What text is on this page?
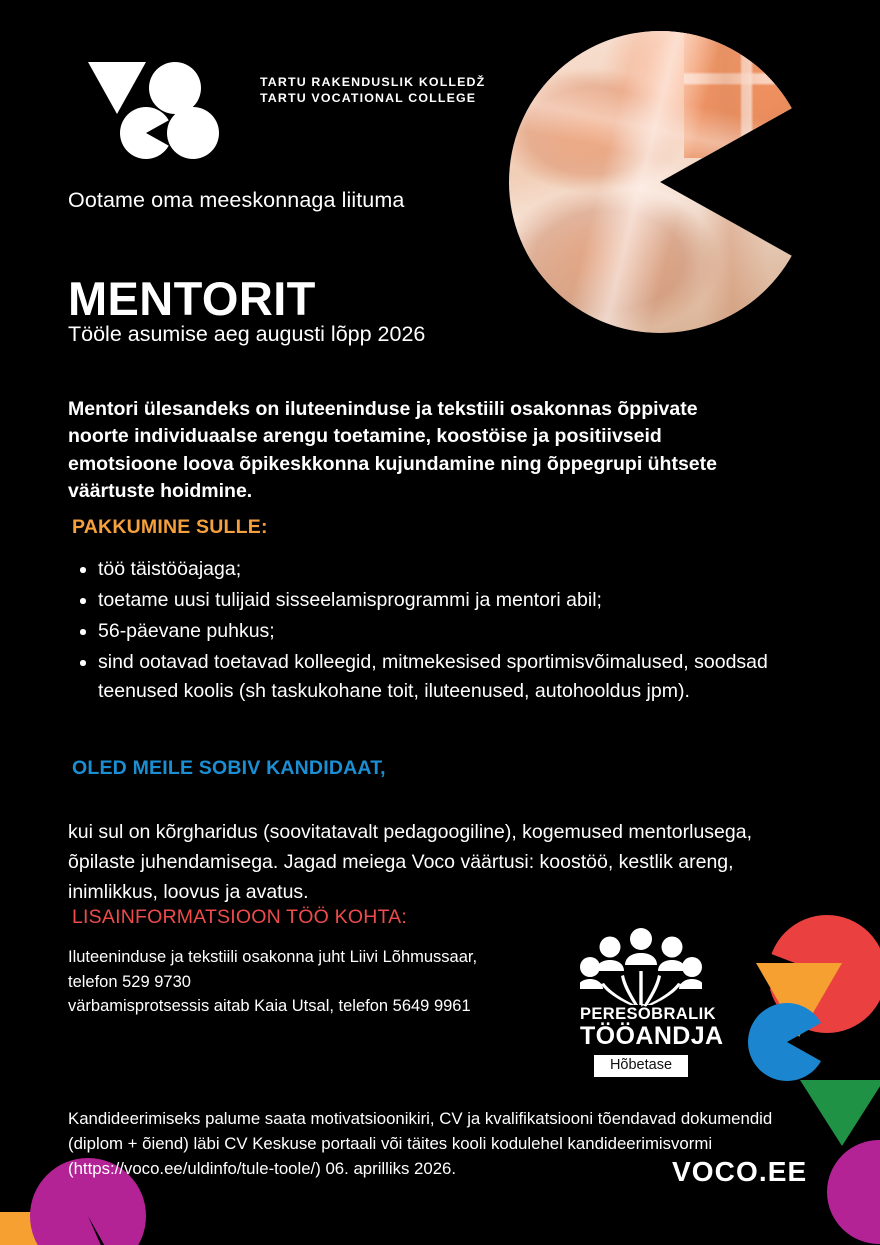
TARTU RAKENDUSLIK KOLLEDŽ
TARTU VOCATIONAL COLLEGE
Ootame oma meeskonnaga liituma
MENTORIT
Tööle asumise aeg augusti lõpp 2026

Mentori ülesandeks on iluteeninduse ja tekstiili osakonnas õppivate noorte individuaalse arengu toetamine, koostöise ja positiivseid emotsioone loova õpikeskkonna kujundamine ning õppegrupi ühtsete väärtuste hoidmine.

PAKKUMINE SULLE:
töö täistööajaga;
toetame uusi tulijaid sisseelamisprogrammi ja mentori abil;
56-päevane puhkus;
sind ootavad toetavad kolleegid, mitmekesised sportimisvõimalused, soodsad teenused koolis (sh taskukohane toit, iluteenused, autohooldus jpm).
OLED MEILE SOBIV KANDIDAAT,

kui sul on kõrgharidus (soovitatavalt pedagoogiline), kogemused mentorlusega, õpilaste juhendamisega. Jagad meiega Voco väärtusi: koostöö, kestlik areng, inimlikkus, loovus ja avatus.

LISAINFORMATSIOON TÖÖ KOHTA:
Iluteeninduse ja tekstiili osakonna juht Liivi Lõhmussaar,
telefon 529 9730
värbamisprotsessis aitab Kaia Utsal, telefon 5649 9961

Kandideerimiseks palume saata motivatsioonikiri, CV ja kvalifikatsiooni tõendavad dokumendid (diplom + õiend) läbi CV Keskuse portaali või täites kooli kodulehel kandideerimisvormi (https://voco.ee/uldinfo/tule-toole/) 06. aprilliks 2026.	VOCO.EE
PERESÕBRALIK
TÖÖANDJA
Hõbetase
